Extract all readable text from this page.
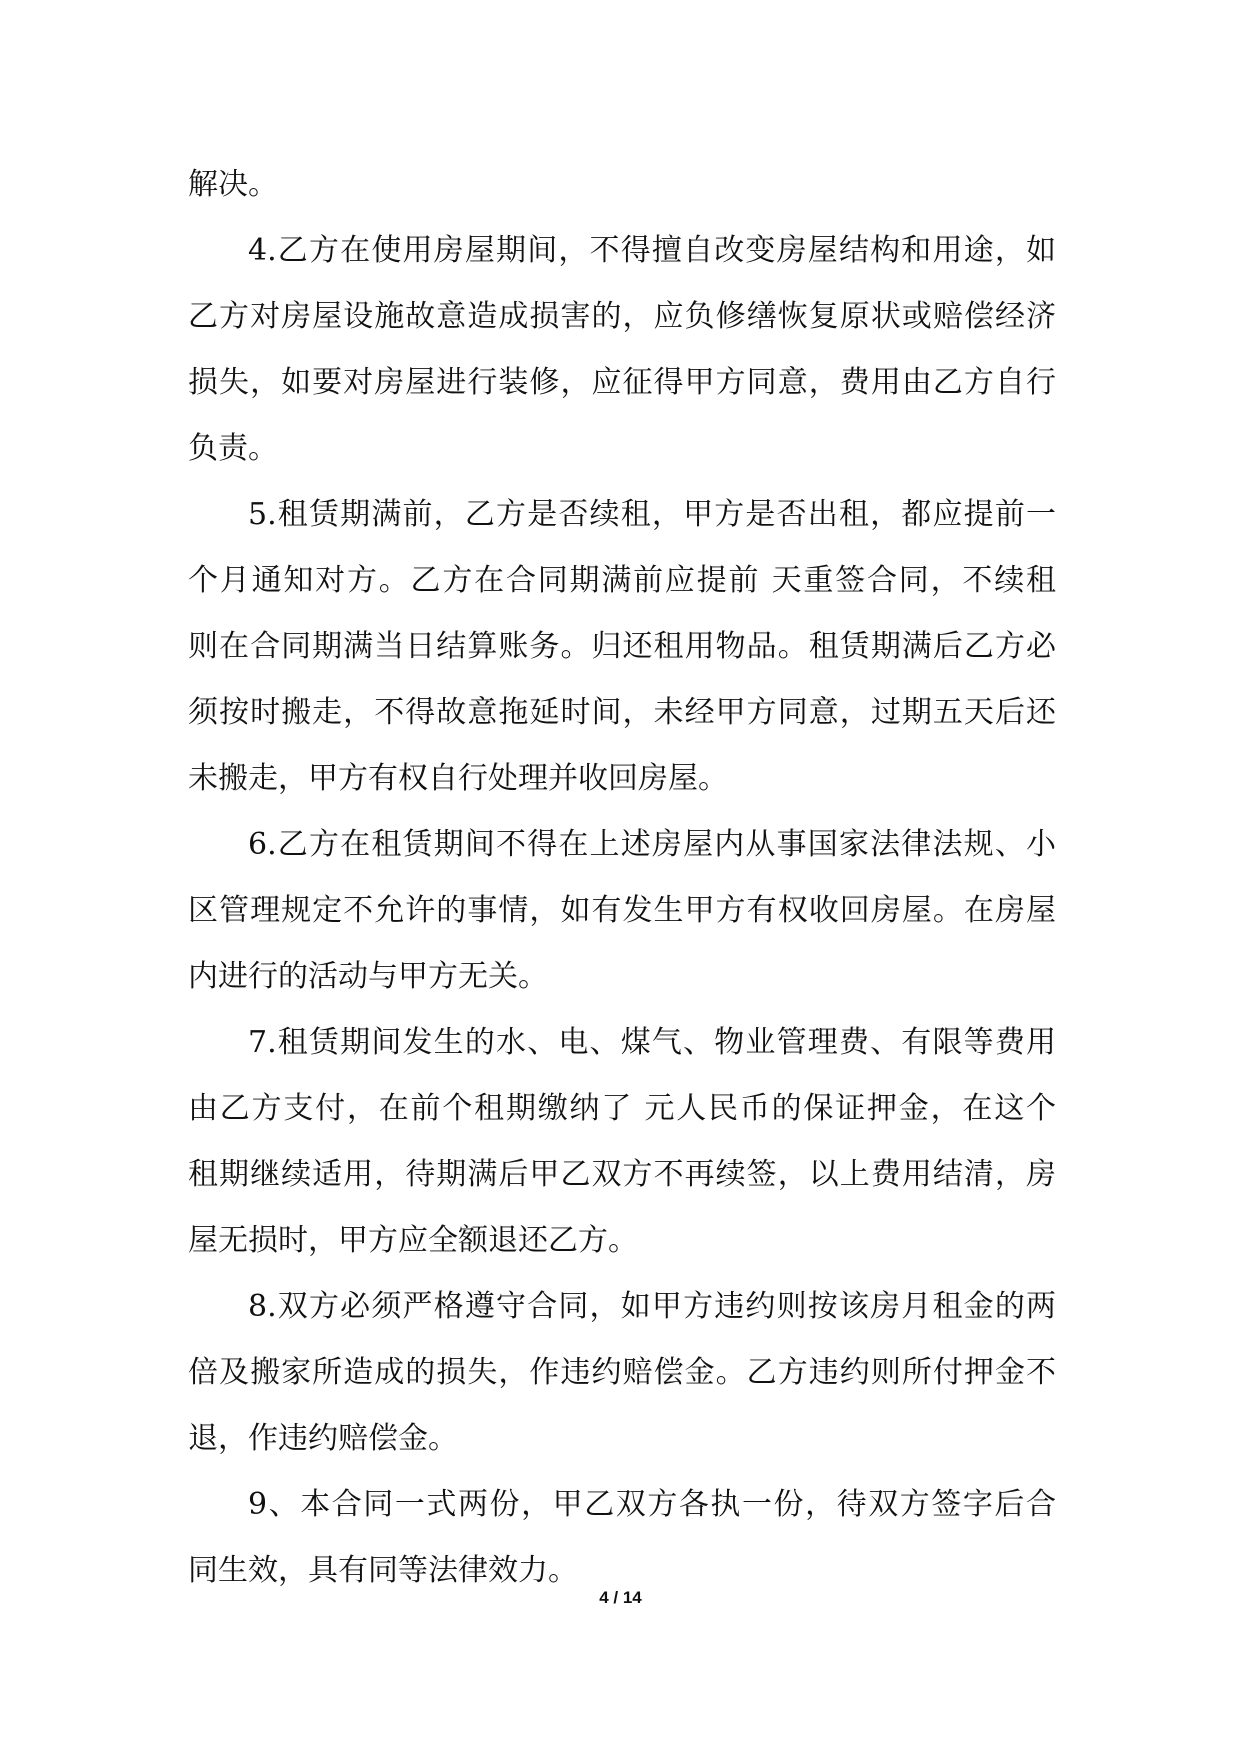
解决。
4.乙方在使用房屋期间，不得擅自改变房屋结构和用途，如
乙方对房屋设施故意造成损害的，应负修缮恢复原状或赔偿经济
损失，如要对房屋进行装修，应征得甲方同意，费用由乙方自行
负责。
5.租赁期满前，乙方是否续租，甲方是否出租，都应提前一
个月通知对方。乙方在合同期满前应提前 天重签合同，不续租
则在合同期满当日结算账务。归还租用物品。租赁期满后乙方必
须按时搬走，不得故意拖延时间，未经甲方同意，过期五天后还
未搬走，甲方有权自行处理并收回房屋。
6.乙方在租赁期间不得在上述房屋内从事国家法律法规、小
区管理规定不允许的事情，如有发生甲方有权收回房屋。在房屋
内进行的活动与甲方无关。
7.租赁期间发生的水、电、煤气、物业管理费、有限等费用
由乙方支付，在前个租期缴纳了 元人民币的保证押金，在这个
租期继续适用，待期满后甲乙双方不再续签，以上费用结清，房
屋无损时，甲方应全额退还乙方。
8.双方必须严格遵守合同，如甲方违约则按该房月租金的两
倍及搬家所造成的损失，作违约赔偿金。乙方违约则所付押金不
退，作违约赔偿金。
9、本合同一式两份，甲乙双方各执一份，待双方签字后合
同生效，具有同等法律效力。
4 / 14
